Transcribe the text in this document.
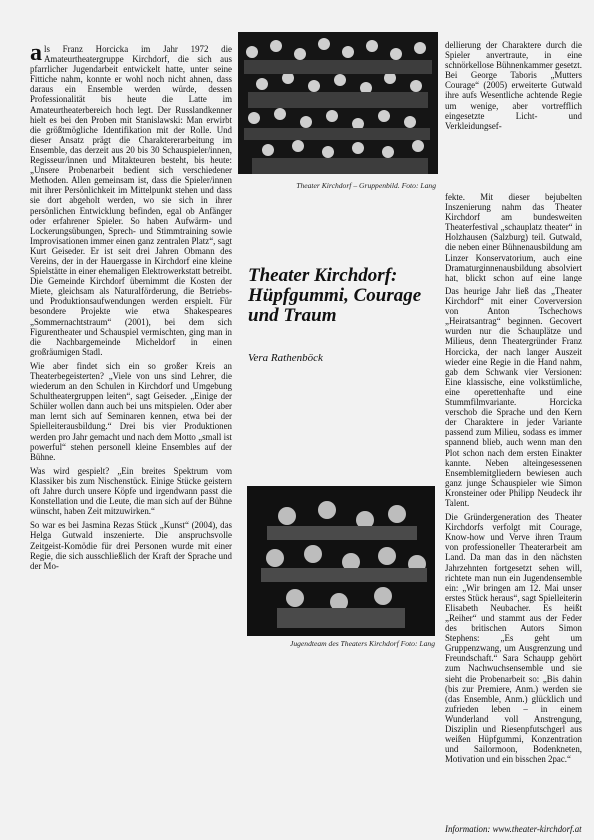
als Franz Horcicka im Jahr 1972 die Amateurtheatergruppe Kirchdorf, die sich aus pfarrlicher Jugendarbeit entwickelt hatte, unter seine Fittiche nahm, konnte er wohl noch nicht ahnen, dass daraus ein Ensemble werden würde, dessen Professionalität bis heute die Latte im Amateurtheaterbereich hoch legt. Der Russlandkenner hielt es bei den Proben mit Stanislawski: Man erwirbt die größtmögliche Identifikation mit der Rolle. Und dieser Ansatz prägt die Charaktererarbeitung im Ensemble, das derzeit aus 20 bis 30 Schauspieler/innen, Regisseur/innen und Mitakteuren besteht, bis heute: „Unsere Probenarbeit bedient sich verschiedener Methoden. Allen gemeinsam ist, dass die Spieler/innen mit ihrer Persönlichkeit im Mittelpunkt stehen und dass sie dort abgeholt werden, wo sie sich in ihrer persönlichen Entwicklung befinden, egal ob Anfänger oder erfahrener Spieler. So haben Aufwärm- und Lockerungsübungen, Sprech- und Stimmtraining sowie Improvisationen immer einen ganz zentralen Platz“, sagt Kurt Geiseder. Er ist seit drei Jahren Obmann des Vereins, der in der Hauergasse in Kirchdorf eine kleine Spielstätte in einer ehemaligen Elektrowerkstatt betreibt. Die Gemeinde Kirchdorf übernimmt die Kosten der Miete, gleichsam als Naturalförderung, die Betriebs- und Produktionsaufwendungen werden erspielt. Für besondere Projekte wie etwa Shakespeares „Sommernachtstraum“ (2001), bei dem sich Figurentheater und Schauspiel vermischten, ging man in die Nachbargemeinde Micheldorf in einen großräumigen Stadl.

Wie aber findet sich ein so großer Kreis an Theaterbegeisterten? „Viele von uns sind Lehrer, die wiederum an den Schulen in Kirchdorf und Umgebung Schultheatergruppen leiten“, sagt Geiseder. „Einige der Schüler wollen dann auch bei uns mitspielen. Oder aber man lernt sich auf Seminaren kennen, etwa bei der Spielleiterausbildung.“ Drei bis vier Produktionen werden pro Jahr gemacht und nach dem Motto „small ist powerful“ stehen personell kleine Ensembles auf der Bühne.

Was wird gespielt? „Ein breites Spektrum vom Klassiker bis zum Nischenstück. Einige Stücke geistern oft Jahre durch unsere Köpfe und irgendwann passt die Konstellation und die Leute, die man sich auf der Bühne wünscht, haben Zeit mitzuwirken.“

So war es bei Jasmina Rezas Stück „Kunst“ (2004), das Helga Gutwald inszenierte. Die anspruchsvolle Zeitgeist-Komödie für drei Personen wurde mit einer Regie, die sich ausschließlich der Kraft der Sprache und der Mo-

Theater Kirchdorf – Gruppenbild. Foto: Lang

dellierung der Charaktere durch die Spieler anvertraute, in eine schnörkellose Bühnenkammer gesetzt. Bei George Taboris „Mutters Courage“ (2005) erweiterte Gutwald ihre aufs Wesentliche achtende Regie um wenige, aber vortrefflich eingesetzte Licht- und Verkleidungsef-

fekte. Mit dieser bejubelten Inszenierung nahm das Theater Kirchdorf am bundesweiten Theaterfestival „schauplatz theater“ in Holzhausen (Salzburg) teil. Gutwald, die neben einer Bühnenausbildung am Linzer Konservatorium, auch eine Dramaturginnenausbildung absolviert hat, blickt schon auf eine lange

Theater Kirchdorf: Hüpfgummi, Courage und Traum
Vera Rathenböck

Das heurige Jahr ließ das „Theater Kirchdorf“ mit einer Coverversion von Anton Tschechows „Heiratsantrag“ beginnen. Gecovert wurden nur die Schauplätze und Milieus, denn Theatergründer Franz Horcicka, der nach langer Auszeit wieder eine Regie in die Hand nahm, gab dem Schwank vier Versionen: Eine klassische, eine volkstümliche, eine operettenhafte und eine Stummfilmvariante. Horcicka verschob die Sprache und den Kern der Charaktere in jeder Variante passend zum Milieu, sodass es immer spannend blieb, auch wenn man den Plot schon nach dem ersten Einakter kannte. Neben alteingesessenen Ensemblemitgliedern bewiesen auch ganz junge Schauspieler wie Simon Kronsteiner oder Philipp Neudeck ihr Talent.

Die Gründergeneration des Theater Kirchdorfs verfolgt mit Courage, Know-how und Verve ihren Traum von professioneller Theaterarbeit am Land. Da man das in den nächsten Jahrzehnten fortgesetzt sehen will, richtete man nun ein Jugendensemble ein: „Wir bringen am 12. Mai unser erstes Stück heraus“, sagt Spielleiterin Elisabeth Neubacher. Es heißt „Reiher“ und stammt aus der Feder des britischen Autors Simon Stephens: „Es geht um Gruppenzwang, um Ausgrenzung und Freundschaft.“ Sara Schaupp gehört zum Nachwuchsensemble und sie sieht die Probenarbeit so: „Bis dahin (bis zur Premiere, Anm.) werden sie (das Ensemble, Anm.) glücklich und zufrieden leben – in einem Wunderland voll Anstrengung, Disziplin und Riesenpfutschgerl aus weißen Hüpfgummi, Konzentration und Sailormoon, Bodenkneten, Motivation und ein bisschen 2pac.“

Jugendteam des Theaters Kirchdorf Foto: Lang
Information: www.theater-kirchdorf.at
